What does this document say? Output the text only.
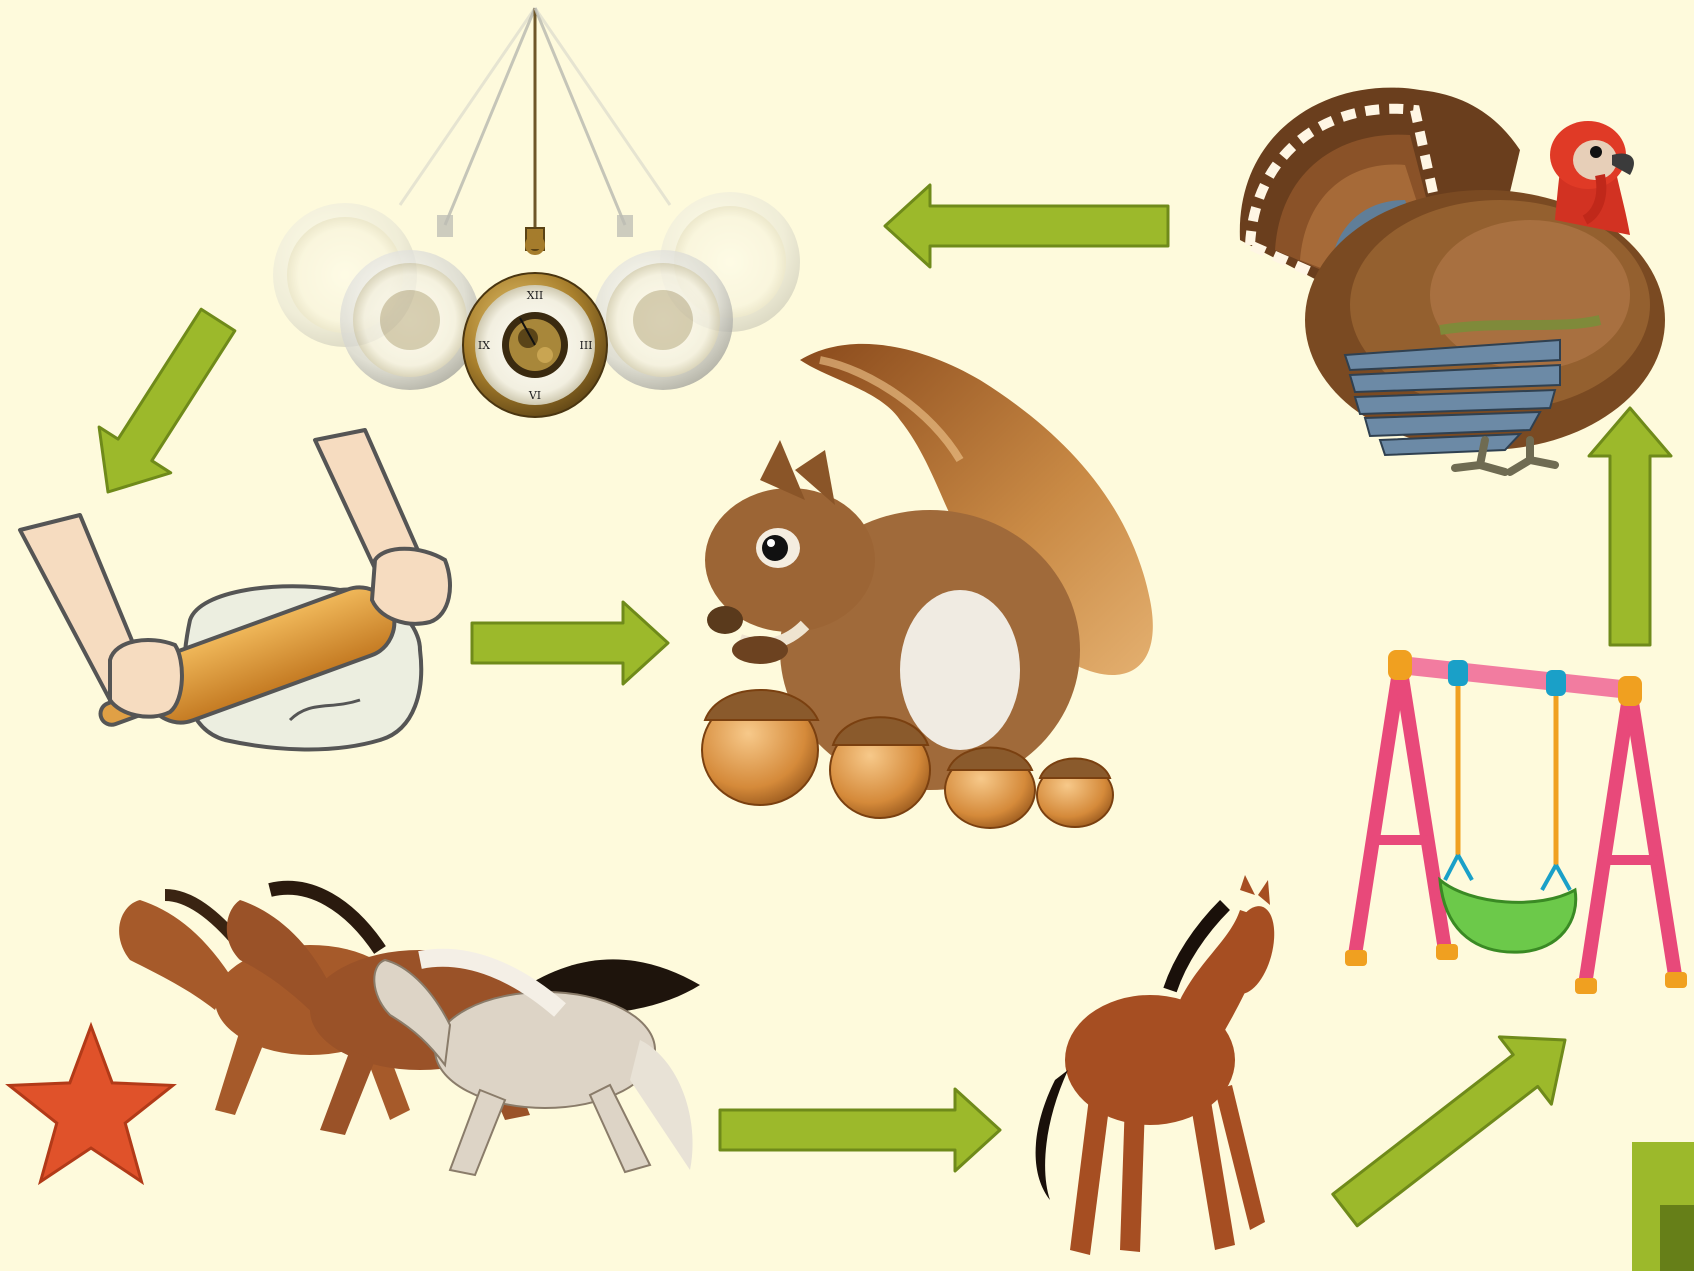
XII
III
VI
IX
